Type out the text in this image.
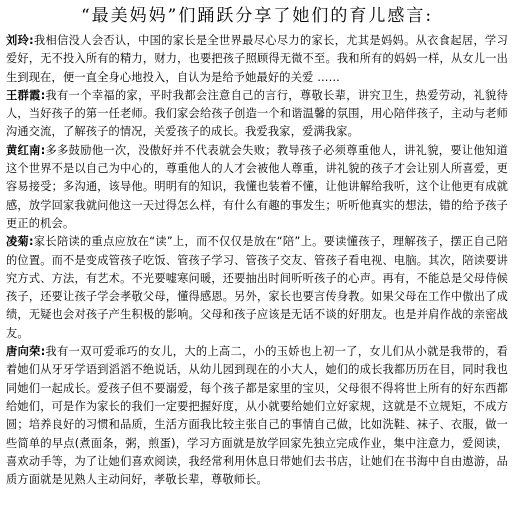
“最美妈妈”们踊跃分享了她们的育儿感言:

刘玲:我相信没人会否认，中国的家长是全世界最尽心尽力的家长，尤其是妈妈。从衣食起居，学习爱好，无不投入所有的精力，财力，也要把孩子照顾得无微不至。我和所有的妈妈一样，从女儿一出生到现在，便一直全身心地投入，自认为是给予她最好的关爱 ……

王群霞:我有一个幸福的家，平时我都会注意自己的言行，尊敬长辈，讲究卫生，热爱劳动，礼貌待人，当好孩子的第一任老师。我们家会给孩子创造一个和谐温馨的氛围，用心陪伴孩子，主动与老师沟通交流，了解孩子的情况，关爱孩子的成长。我爱我家，爱满我家。

黄红南:多多鼓励他一次，没傲好并不代表就会失败；教导孩子必须尊重他人，讲礼貌，要让他知道这个世界不是以自己为中心的，尊重他人的人才会被他人尊重，讲礼貌的孩子才会让别人所喜爱，更容易接受；多沟通，该导他。明明有的知识，我懂也装着不懂，让他讲解给我听，这个让他更有成就感，放学回家我就问他这一天过得怎么样，有什么有趣的事发生；听听他真实的想法，错的给予孩子更正的机会。

凌菊:家长陪读的重点应放在“读”上，而不仅仅是放在“陪”上。要读懂孩子，理解孩子，摆正自己陪的位置。而不是变成管孩子吃饭、管孩子学习、管孩子交友、管孩子看电视、电脑。其次，陪读要讲究方式、方法，有艺术。不光要嘘寒问暖，还要抽出时间听听孩子的心声。再有，不能总是父母侍候孩子，还要让孩子学会孝敬父母，懂得感恩。另外，家长也要言传身教。如果父母在工作中傲出了成绩，无疑也会对孩子产生积极的影响。父母和孩子应该是无话不谈的好朋友。也是并肩作战的亲密战友。

唐向荣:我有一双可爱乖巧的女儿，大的上高二，小的玉娇也上初一了，女儿们从小就是我带的，看着她们从牙牙学语到滔滔不绝说话，从幼儿园到现在的小大人，她们的成长我都历历在目，同时我也同她们一起成长。爱孩子但不要溺爱，每个孩子都是家里的宝贝，父母很不得将世上所有的好东西都给她们，可是作为家长的我们一定要把握好度，从小就要给她们立好家规，这就是不立规矩，不成方圆；培养良好的习惯和品质，生活方面我比较主张自己的事情自己做，比如洗鞋、袜子、衣服，做一些简单的早点(煮面条，粥，煎蛋)，学习方面就是放学回家先独立完成作业，集中注意力，爱阅读，喜欢动手等，为了让她们喜欢阅读，我经常利用休息日带她们去书店，让她们在书海中自由遨游，品质方面就是见熟人主动问好，孝敬长辈，尊敬师长。
